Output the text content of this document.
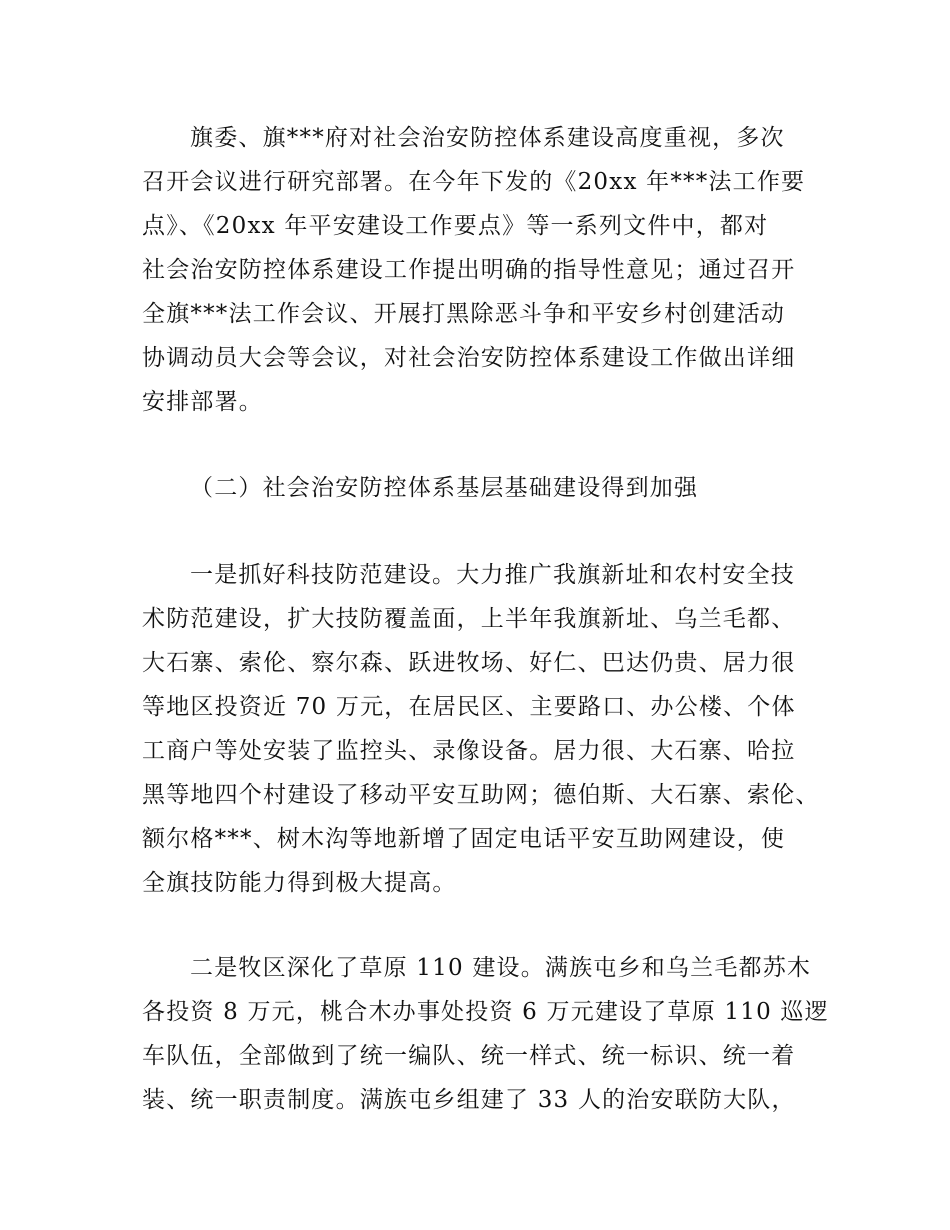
旗委、旗***府对社会治安防控体系建设高度重视，多次
召开会议进行研究部署。在今年下发的《20xx 年***法工作要
点》、《20xx 年平安建设工作要点》等一系列文件中，都对
社会治安防控体系建设工作提出明确的指导性意见；通过召开
全旗***法工作会议、开展打黑除恶斗争和平安乡村创建活动
协调动员大会等会议，对社会治安防控体系建设工作做出详细
安排部署。
（二）社会治安防控体系基层基础建设得到加强
一是抓好科技防范建设。大力推广我旗新址和农村安全技
术防范建设，扩大技防覆盖面，上半年我旗新址、乌兰毛都、
大石寨、索伦、察尔森、跃进牧场、好仁、巴达仍贵、居力很
等地区投资近 70 万元，在居民区、主要路口、办公楼、个体
工商户等处安装了监控头、录像设备。居力很、大石寨、哈拉
黑等地四个村建设了移动平安互助网；德伯斯、大石寨、索伦、
额尔格***、树木沟等地新增了固定电话平安互助网建设，使
全旗技防能力得到极大提高。
二是牧区深化了草原 110 建设。满族屯乡和乌兰毛都苏木
各投资 8 万元，桃合木办事处投资 6 万元建设了草原 110 巡逻
车队伍，全部做到了统一编队、统一样式、统一标识、统一着
装、统一职责制度。满族屯乡组建了 33 人的治安联防大队，
